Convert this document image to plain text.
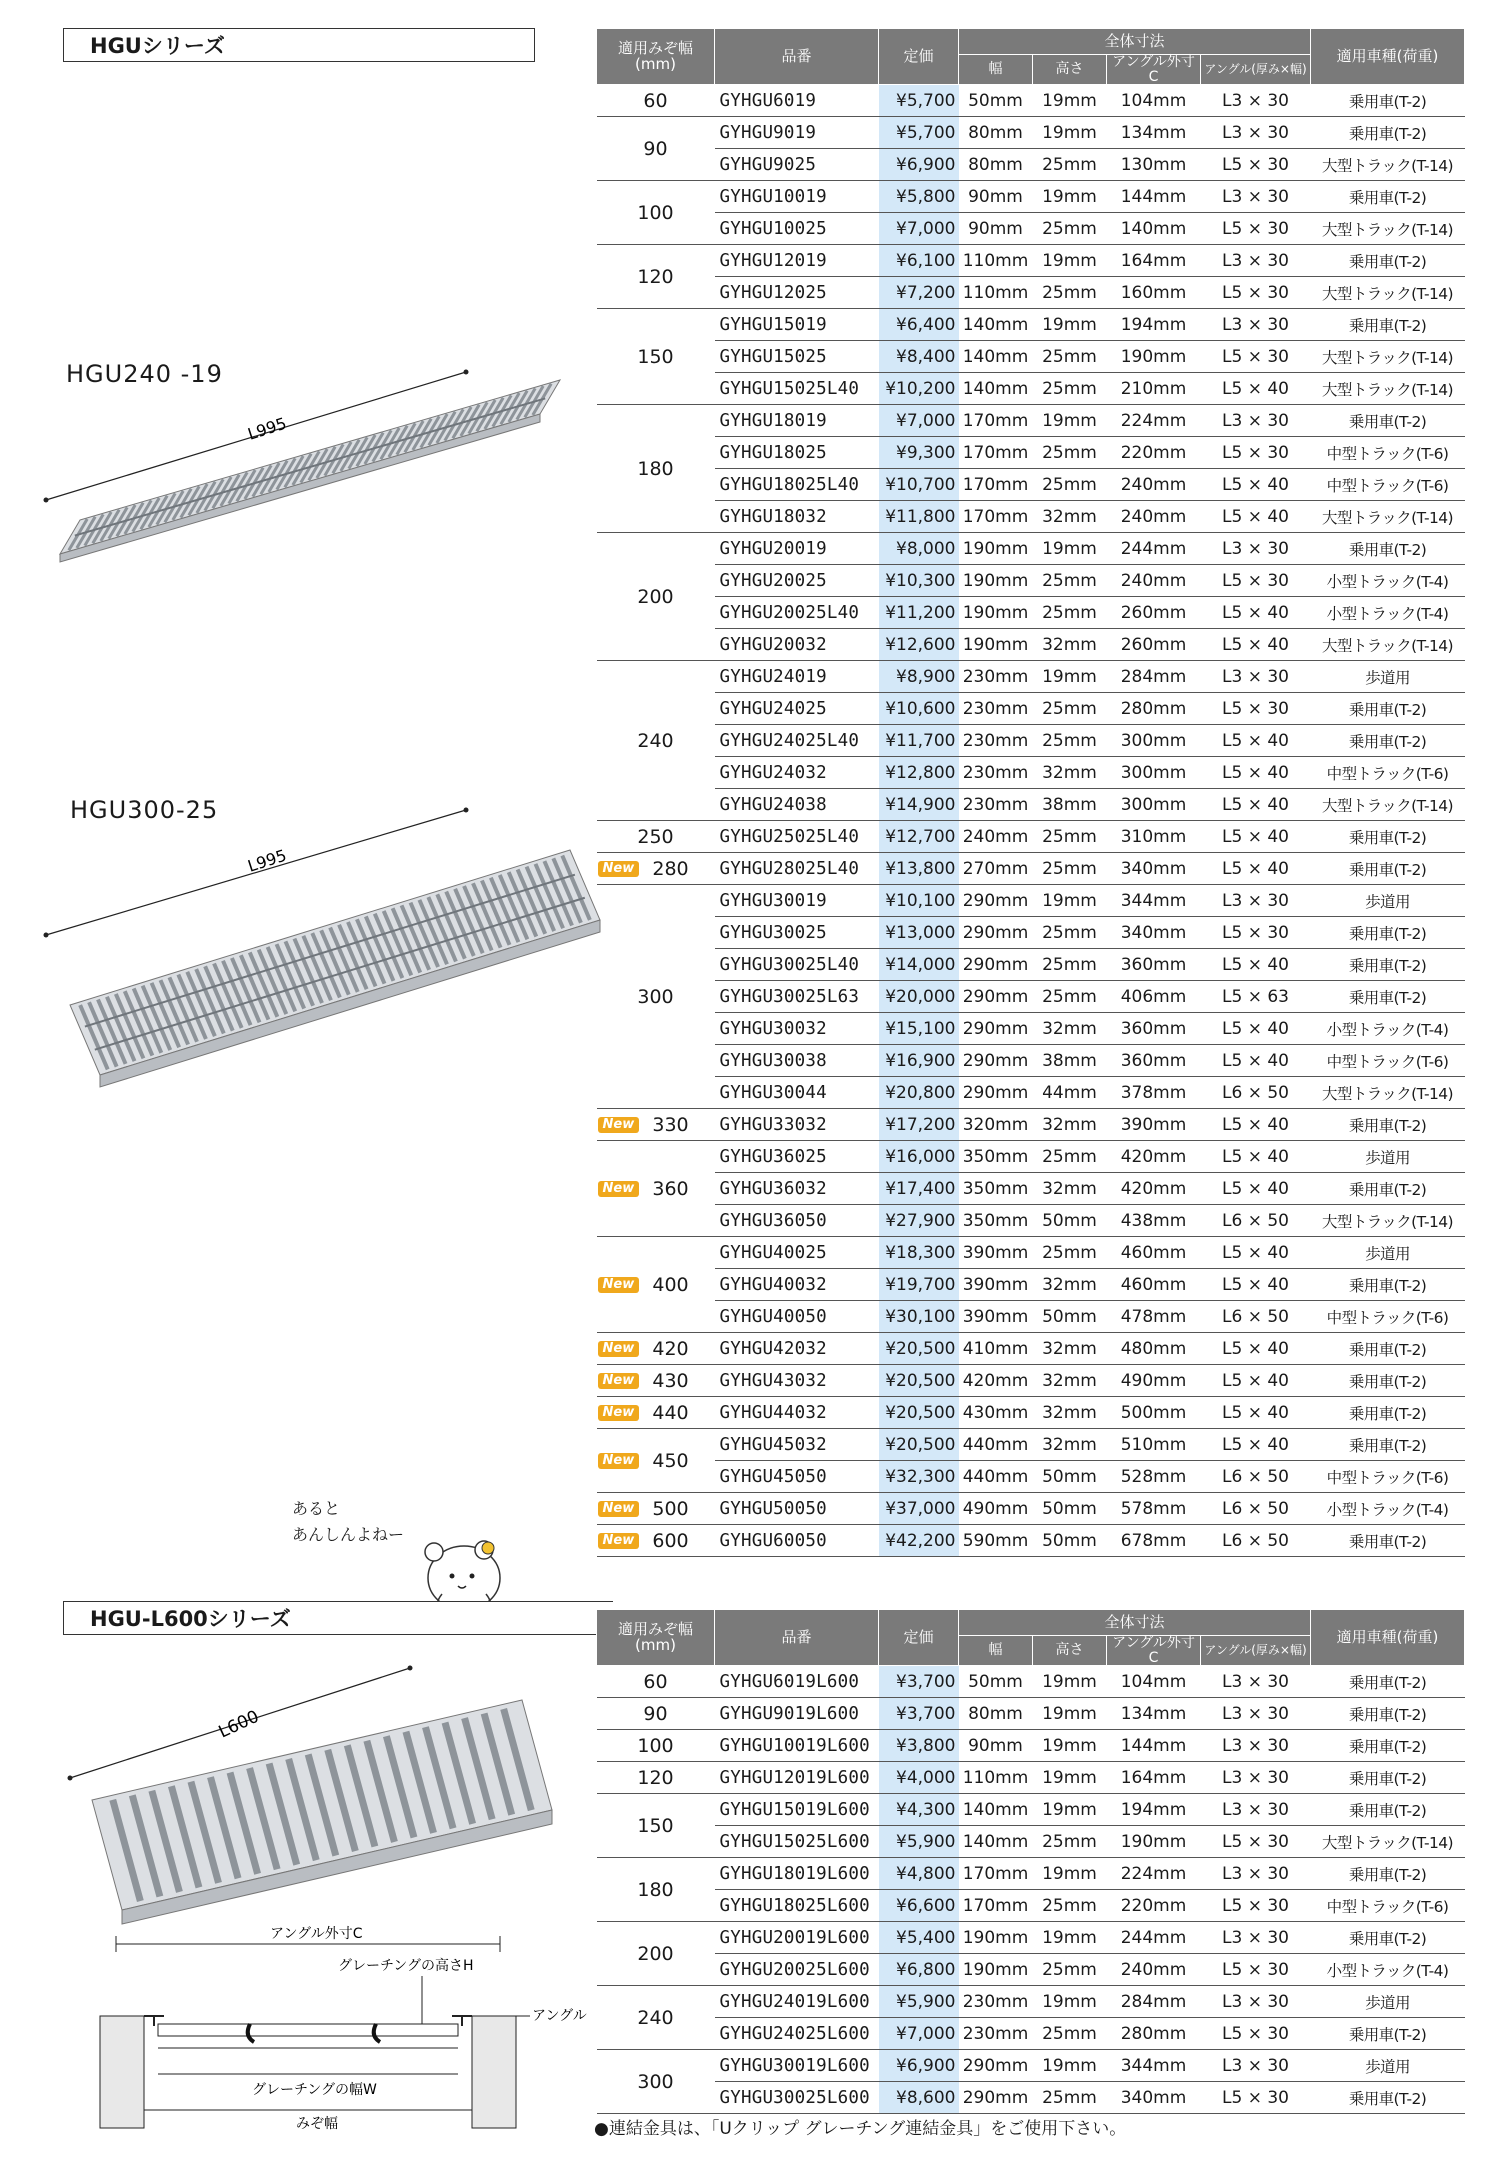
HGUシリーズ
HGU240 -19
L995
HGU300-25
L995
あると
あんしんよねー
HGU-L600シリーズ
L600
アングル外寸C
グレーチングの高さH
アングル
グレーチングの幅W
みぞ幅
適用みぞ幅 (mm)	品番	定価	全体寸法				適用車種(荷重)
			幅	高さ	アングル外寸C	アングル(厚み×幅)	
60	GYHGU6019	¥5,700	50mm	19mm	104mm	L3 × 30	乗用車(T-2)
90	GYHGU9019	¥5,700	80mm	19mm	134mm	L3 × 30	乗用車(T-2)
	GYHGU9025	¥6,900	80mm	25mm	130mm	L5 × 30	大型トラック(T-14)
100	GYHGU10019	¥5,800	90mm	19mm	144mm	L3 × 30	乗用車(T-2)
	GYHGU10025	¥7,000	90mm	25mm	140mm	L5 × 30	大型トラック(T-14)
120	GYHGU12019	¥6,100	110mm	19mm	164mm	L3 × 30	乗用車(T-2)
	GYHGU12025	¥7,200	110mm	25mm	160mm	L5 × 30	大型トラック(T-14)
150	GYHGU15019	¥6,400	140mm	19mm	194mm	L3 × 30	乗用車(T-2)
	GYHGU15025	¥8,400	140mm	25mm	190mm	L5 × 30	大型トラック(T-14)
	GYHGU15025L40	¥10,200	140mm	25mm	210mm	L5 × 40	大型トラック(T-14)
180	GYHGU18019	¥7,000	170mm	19mm	224mm	L3 × 30	乗用車(T-2)
	GYHGU18025	¥9,300	170mm	25mm	220mm	L5 × 30	中型トラック(T-6)
	GYHGU18025L40	¥10,700	170mm	25mm	240mm	L5 × 40	中型トラック(T-6)
	GYHGU18032	¥11,800	170mm	32mm	240mm	L5 × 40	大型トラック(T-14)
200	GYHGU20019	¥8,000	190mm	19mm	244mm	L3 × 30	乗用車(T-2)
	GYHGU20025	¥10,300	190mm	25mm	240mm	L5 × 30	小型トラック(T-4)
	GYHGU20025L40	¥11,200	190mm	25mm	260mm	L5 × 40	小型トラック(T-4)
	GYHGU20032	¥12,600	190mm	32mm	260mm	L5 × 40	大型トラック(T-14)
240	GYHGU24019	¥8,900	230mm	19mm	284mm	L3 × 30	歩道用
	GYHGU24025	¥10,600	230mm	25mm	280mm	L5 × 30	乗用車(T-2)
	GYHGU24025L40	¥11,700	230mm	25mm	300mm	L5 × 40	乗用車(T-2)
	GYHGU24032	¥12,800	230mm	32mm	300mm	L5 × 40	中型トラック(T-6)
	GYHGU24038	¥14,900	230mm	38mm	300mm	L5 × 40	大型トラック(T-14)
250	GYHGU25025L40	¥12,700	240mm	25mm	310mm	L5 × 40	乗用車(T-2)

New 280	GYHGU28025L40	¥13,800	270mm	25mm	340mm	L5 × 40	乗用車(T-2)
300	GYHGU30019	¥10,100	290mm	19mm	344mm	L3 × 30	歩道用
	GYHGU30025	¥13,000	290mm	25mm	340mm	L5 × 30	乗用車(T-2)
	GYHGU30025L40	¥14,000	290mm	25mm	360mm	L5 × 40	乗用車(T-2)
	GYHGU30025L63	¥20,000	290mm	25mm	406mm	L5 × 63	乗用車(T-2)
	GYHGU30032	¥15,100	290mm	32mm	360mm	L5 × 40	小型トラック(T-4)
	GYHGU30038	¥16,900	290mm	38mm	360mm	L5 × 40	中型トラック(T-6)
	GYHGU30044	¥20,800	290mm	44mm	378mm	L6 × 50	大型トラック(T-14)

New 330	GYHGU33032	¥17,200	320mm	32mm	390mm	L5 × 40	乗用車(T-2)

New 360	GYHGU36025	¥16,000	350mm	25mm	420mm	L5 × 40	歩道用
	GYHGU36032	¥17,400	350mm	32mm	420mm	L5 × 40	乗用車(T-2)
	GYHGU36050	¥27,900	350mm	50mm	438mm	L6 × 50	大型トラック(T-14)

New 400	GYHGU40025	¥18,300	390mm	25mm	460mm	L5 × 40	歩道用
	GYHGU40032	¥19,700	390mm	32mm	460mm	L5 × 40	乗用車(T-2)
	GYHGU40050	¥30,100	390mm	50mm	478mm	L6 × 50	中型トラック(T-6)

New 420	GYHGU42032	¥20,500	410mm	32mm	480mm	L5 × 40	乗用車(T-2)

New 430	GYHGU43032	¥20,500	420mm	32mm	490mm	L5 × 40	乗用車(T-2)

New 440	GYHGU44032	¥20,500	430mm	32mm	500mm	L5 × 40	乗用車(T-2)

New 450	GYHGU45032	¥20,500	440mm	32mm	510mm	L5 × 40	乗用車(T-2)
	GYHGU45050	¥32,300	440mm	50mm	528mm	L6 × 50	中型トラック(T-6)

New 500	GYHGU50050	¥37,000	490mm	50mm	578mm	L6 × 50	小型トラック(T-4)

New 600	GYHGU60050	¥42,200	590mm	50mm	678mm	L6 × 50	乗用車(T-2)
適用みぞ幅 (mm)	品番	定価	全体寸法				適用車種(荷重)
			幅	高さ	アングル外寸C	アングル(厚み×幅)	
60	GYHGU6019L600	¥3,700	50mm	19mm	104mm	L3 × 30	乗用車(T-2)
90	GYHGU9019L600	¥3,700	80mm	19mm	134mm	L3 × 30	乗用車(T-2)
100	GYHGU10019L600	¥3,800	90mm	19mm	144mm	L3 × 30	乗用車(T-2)
120	GYHGU12019L600	¥4,000	110mm	19mm	164mm	L3 × 30	乗用車(T-2)
150	GYHGU15019L600	¥4,300	140mm	19mm	194mm	L3 × 30	乗用車(T-2)
	GYHGU15025L600	¥5,900	140mm	25mm	190mm	L5 × 30	大型トラック(T-14)
180	GYHGU18019L600	¥4,800	170mm	19mm	224mm	L3 × 30	乗用車(T-2)
	GYHGU18025L600	¥6,600	170mm	25mm	220mm	L5 × 30	中型トラック(T-6)
200	GYHGU20019L600	¥5,400	190mm	19mm	244mm	L3 × 30	乗用車(T-2)
	GYHGU20025L600	¥6,800	190mm	25mm	240mm	L5 × 30	小型トラック(T-4)
240	GYHGU24019L600	¥5,900	230mm	19mm	284mm	L3 × 30	歩道用
	GYHGU24025L600	¥7,000	230mm	25mm	280mm	L5 × 30	乗用車(T-2)
300	GYHGU30019L600	¥6,900	290mm	19mm	344mm	L3 × 30	歩道用
	GYHGU30025L600	¥8,600	290mm	25mm	340mm	L5 × 30	乗用車(T-2)
●連結金具は、「Uクリップ グレーチング連結金具」をご使用下さい。
